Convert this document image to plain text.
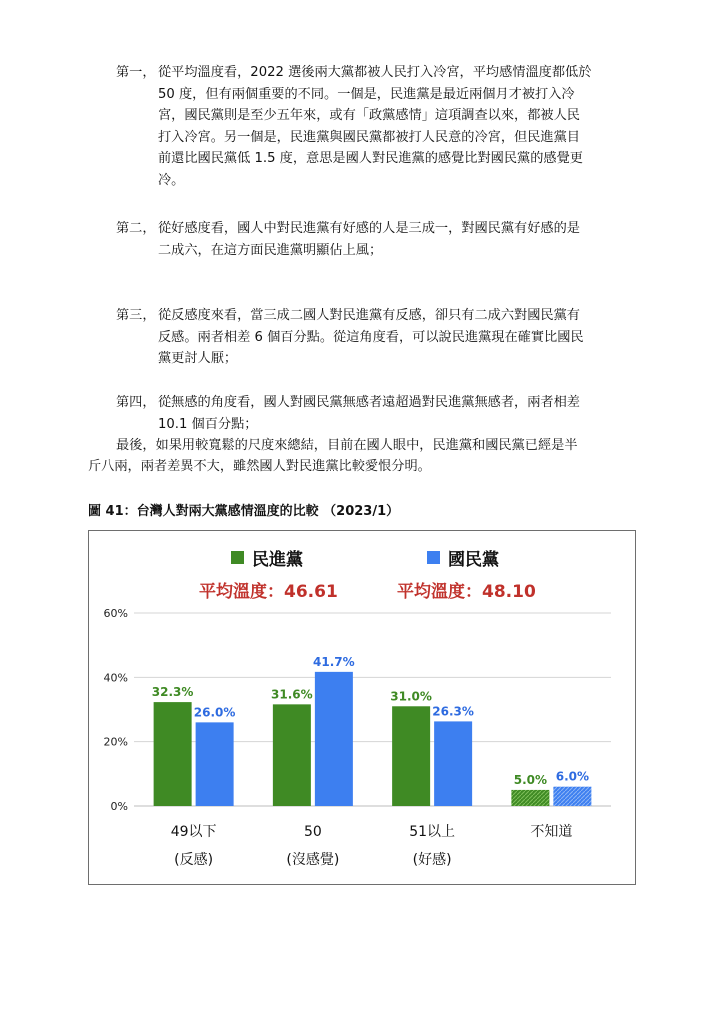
第一， 從平均溫度看，2022 選後兩大黨都被人民打入冷宮，平均感情溫度都低於
50 度，但有兩個重要的不同。一個是，民進黨是最近兩個月才被打入冷
宮，國民黨則是至少五年來，或有「政黨感情」這項調查以來，都被人民
打入冷宮。另一個是，民進黨與國民黨都被打人民意的冷宮，但民進黨目
前還比國民黨低 1.5 度，意思是國人對民進黨的感覺比對國民黨的感覺更
冷。
第二， 從好感度看，國人中對民進黨有好感的人是三成一，對國民黨有好感的是
二成六，在這方面民進黨明顯佔上風；
第三， 從反感度來看，當三成二國人對民進黨有反感，卻只有二成六對國民黨有
反感。兩者相差 6 個百分點。從這角度看，可以說民進黨現在確實比國民
黨更討人厭；
第四， 從無感的角度看，國人對國民黨無感者遠超過對民進黨無感者，兩者相差
10.1 個百分點；
最後，如果用較寬鬆的尺度來總結，目前在國人眼中，民進黨和國民黨已經是半
斤八兩，兩者差異不大，雖然國人對民進黨比較愛恨分明。
圖 41：台灣人對兩大黨感情溫度的比較 （2023/1）
民進黨	國民黨
平均溫度：46.61	平均溫度：48.10
0%
20%
40%
60%
32.3%
26.0%
49以下
(反感)
31.6%
41.7%
50
(沒感覺)
31.0%
26.3%
51以上
(好感)
5.0% 6.0%
不知道
